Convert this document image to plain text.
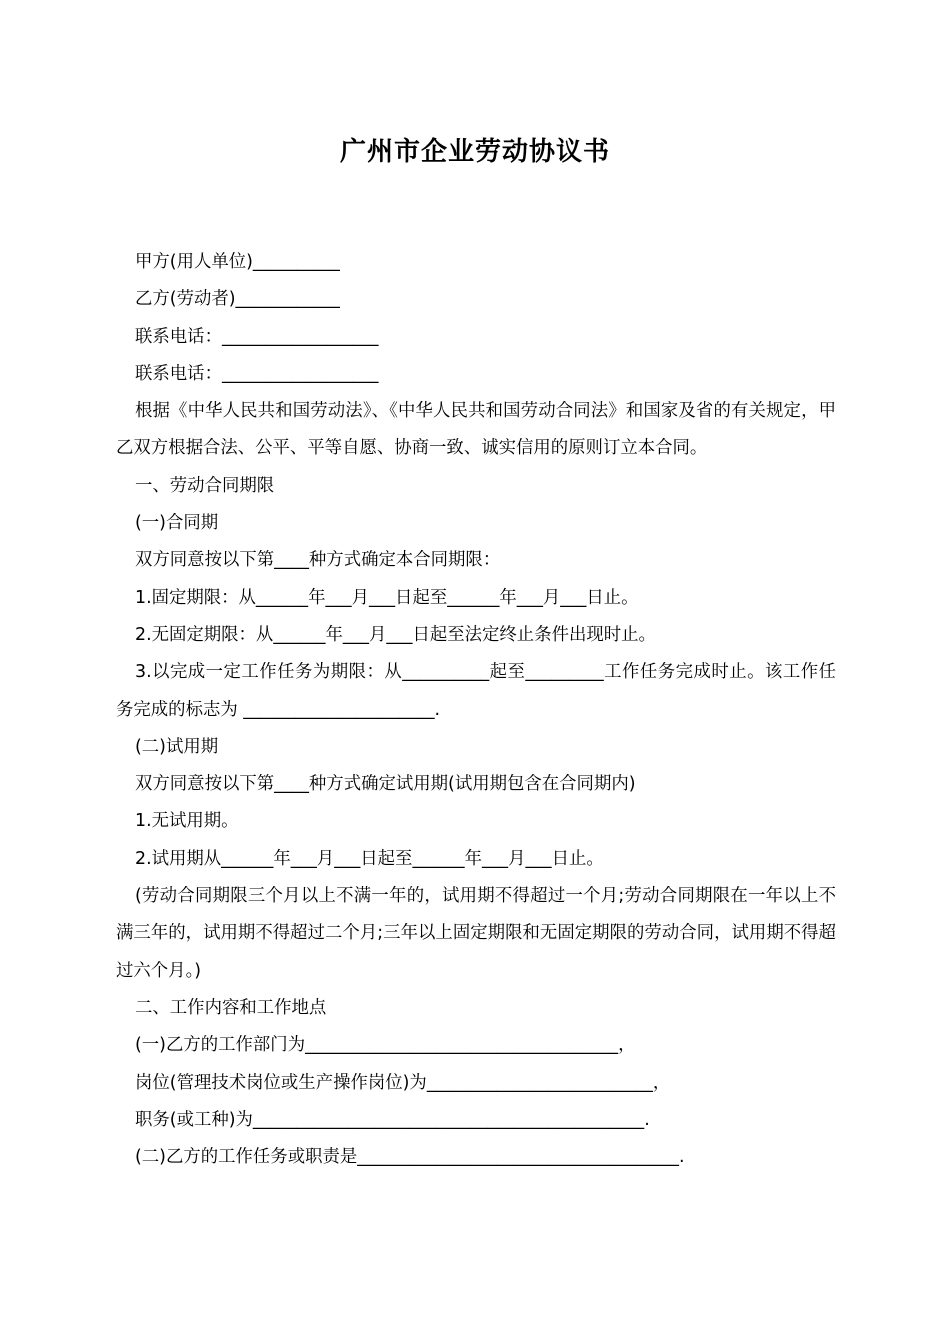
广州市企业劳动协议书
甲方(用人单位)__________
乙方(劳动者)____________
联系电话：__________________
联系电话：__________________
根据《中华人民共和国劳动法》、《中华人民共和国劳动合同法》和国家及省的有关规定，甲乙双方根据合法、公平、平等自愿、协商一致、诚实信用的原则订立本合同。
一、劳动合同期限
(一)合同期
双方同意按以下第____种方式确定本合同期限：
1.固定期限：从______年___月___日起至______年___月___日止。
2.无固定期限：从______年___月___日起至法定终止条件出现时止。
3.以完成一定工作任务为期限：从__________起至_________工作任务完成时止。该工作任务完成的标志为 ______________________.
(二)试用期
双方同意按以下第____种方式确定试用期(试用期包含在合同期内)
1.无试用期。
2.试用期从______年___月___日起至______年___月___日止。
(劳动合同期限三个月以上不满一年的，试用期不得超过一个月;劳动合同期限在一年以上不满三年的，试用期不得超过二个月;三年以上固定期限和无固定期限的劳动合同，试用期不得超过六个月。)
二、工作内容和工作地点
(一)乙方的工作部门为____________________________________，
岗位(管理技术岗位或生产操作岗位)为__________________________，
职务(或工种)为_____________________________________________.
(二)乙方的工作任务或职责是_____________________________________.
